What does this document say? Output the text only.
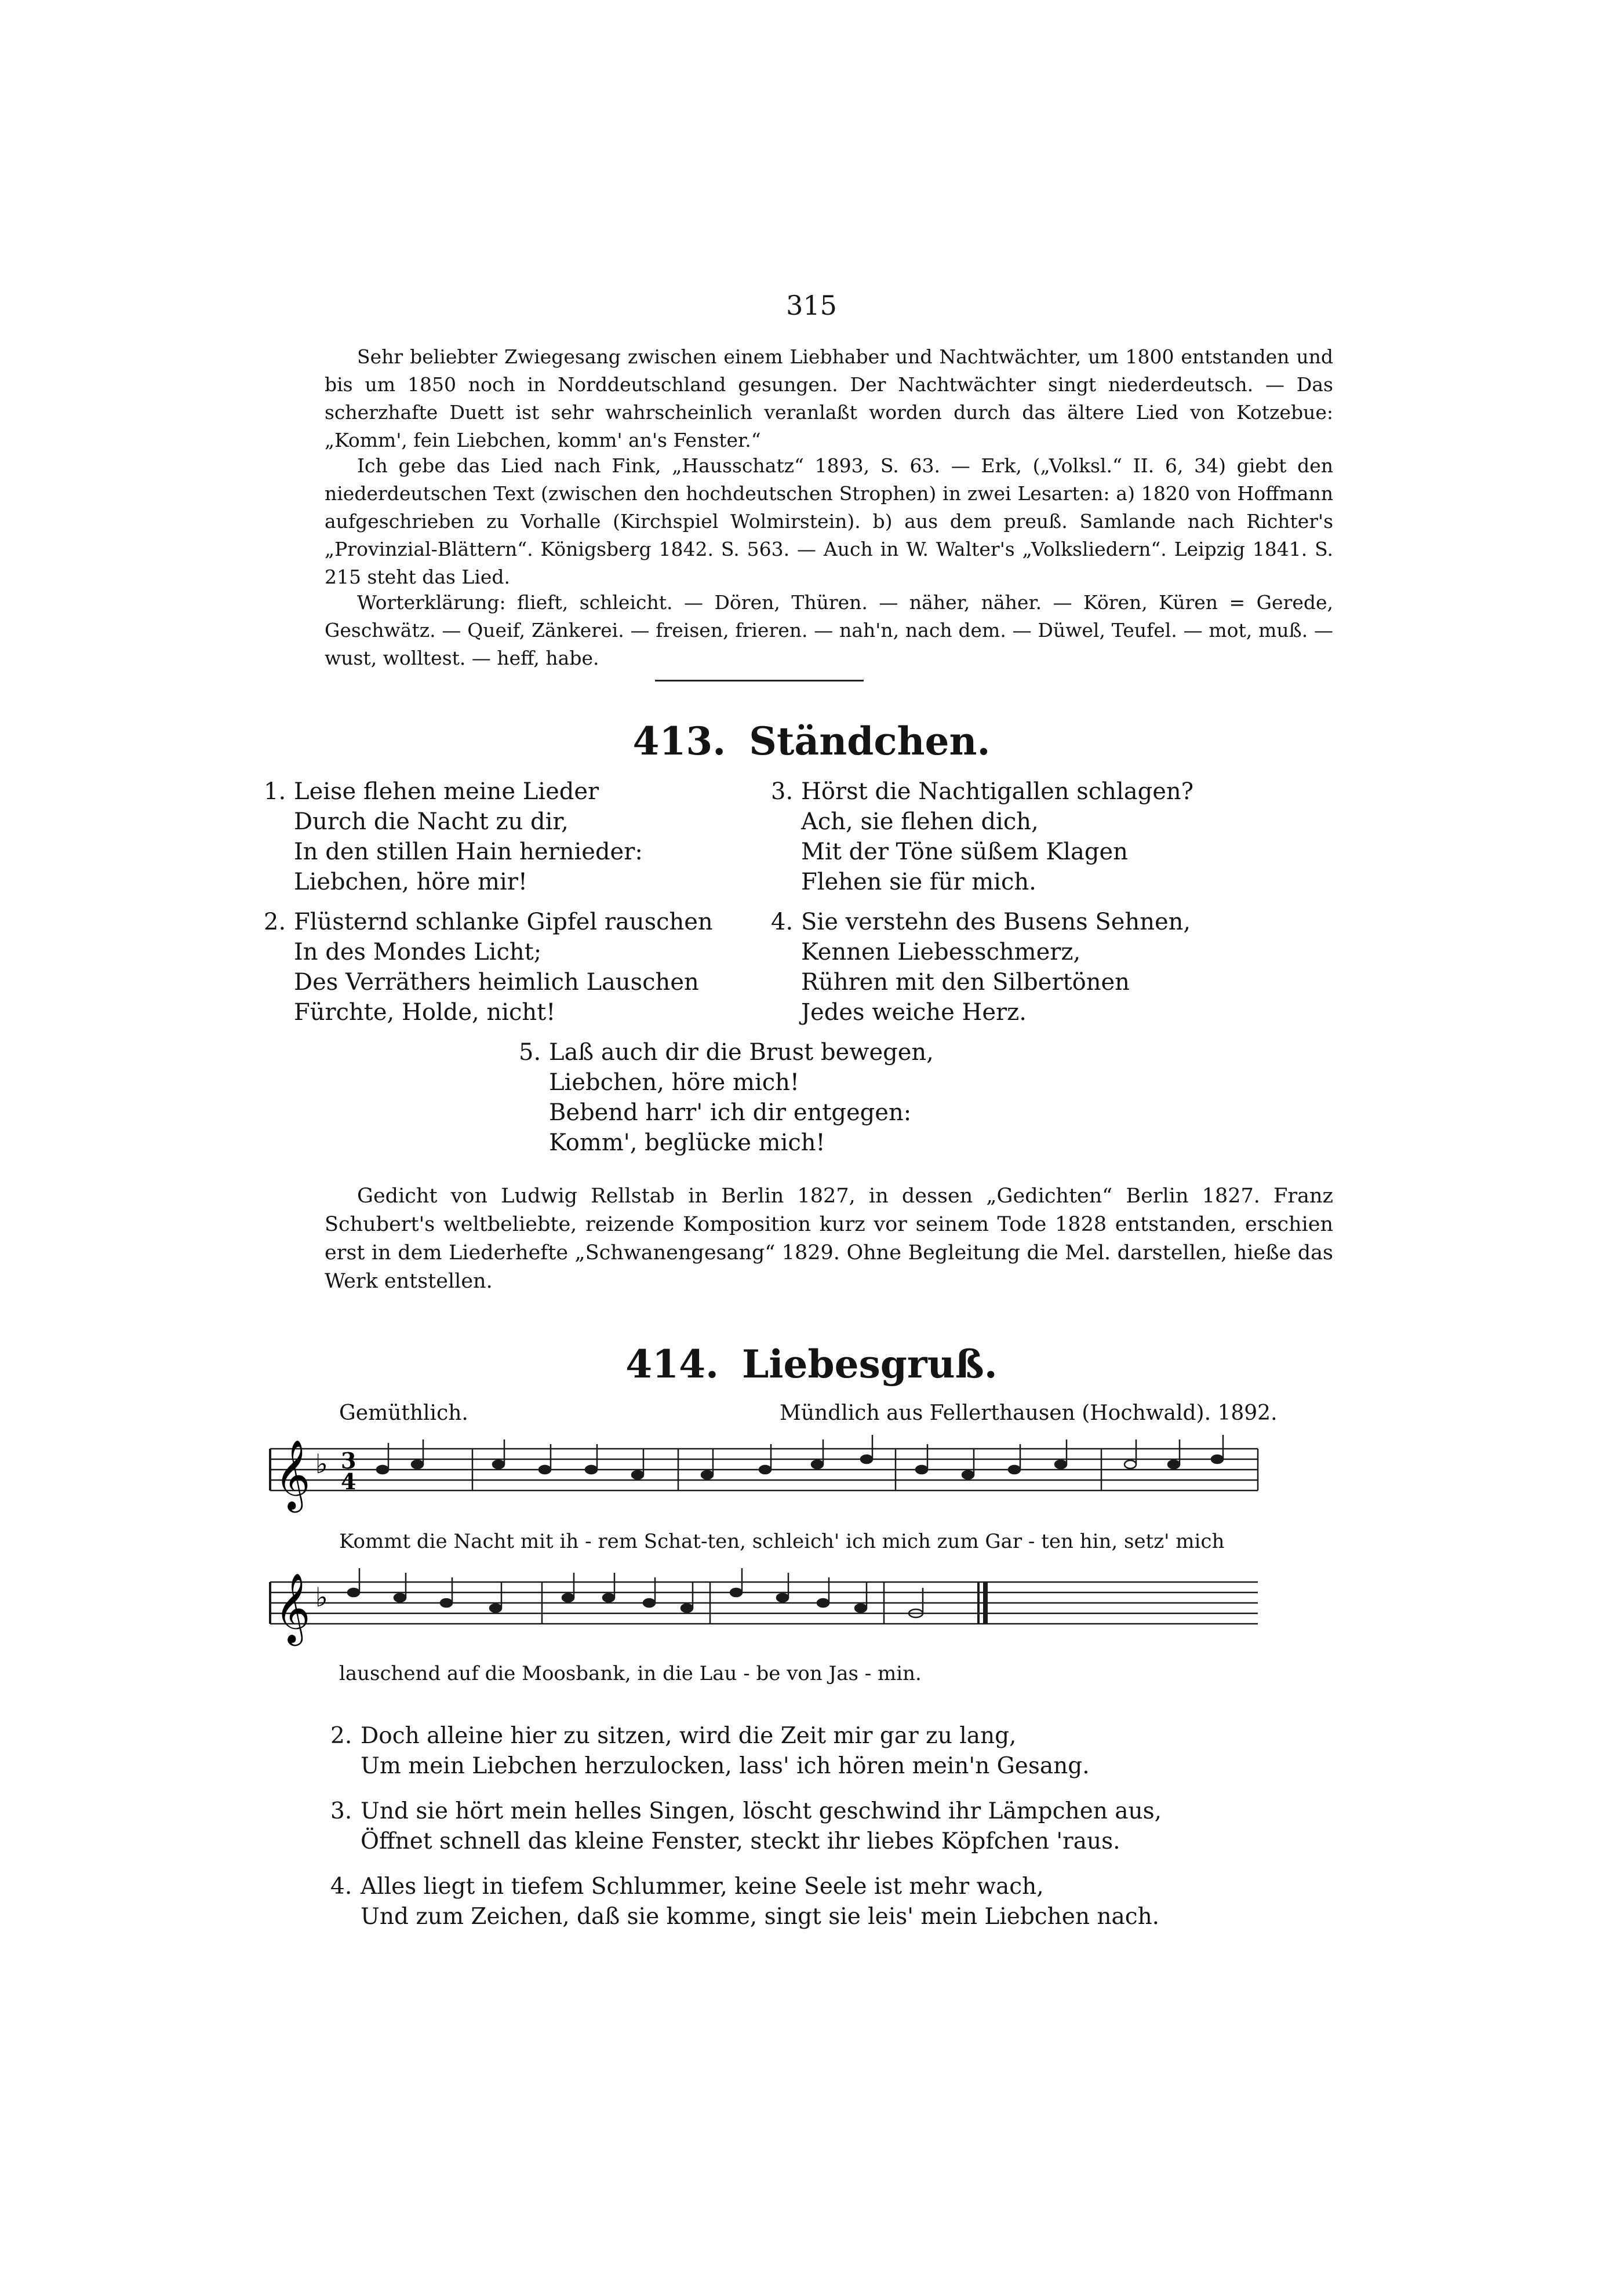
315
Sehr beliebter Zwiegesang zwischen einem Liebhaber und Nachtwächter, um 1800 entstanden und bis um 1850 noch in Norddeutschland gesungen. Der Nachtwächter singt niederdeutsch. — Das scherzhafte Duett ist sehr wahrscheinlich veranlaßt worden durch das ältere Lied von Kotzebue: „Komm', fein Liebchen, komm' an's Fenster.“
Ich gebe das Lied nach Fink, „Hausschatz“ 1893, S. 63. — Erk, („Volksl.“ II. 6, 34) giebt den niederdeutschen Text (zwischen den hochdeutschen Strophen) in zwei Lesarten: a) 1820 von Hoffmann aufgeschrieben zu Vorhalle (Kirchspiel Wolmirstein). b) aus dem preuß. Samlande nach Richter's „Provinzial-Blättern“. Königsberg 1842. S. 563. — Auch in W. Walter's „Volksliedern“. Leipzig 1841. S. 215 steht das Lied.
Worterklärung: flieft, schleicht. — Dören, Thüren. — näher, näher. — Kören, Küren = Gerede, Geschwätz. — Queif, Zänkerei. — freisen, frieren. — nah'n, nach dem. — Düwel, Teufel. — mot, muß. — wust, wolltest. — heff, habe.
413. Ständchen.
1. Leise flehen meine Lieder
Durch die Nacht zu dir,
In den stillen Hain hernieder:
Liebchen, höre mir!
2. Flüsternd schlanke Gipfel rauschen
In des Mondes Licht;
Des Verräthers heimlich Lauschen
Fürchte, Holde, nicht!
3. Hörst die Nachtigallen schlagen?
Ach, sie flehen dich,
Mit der Töne süßem Klagen
Flehen sie für mich.
4. Sie verstehn des Busens Sehnen,
Kennen Liebesschmerz,
Rühren mit den Silbertönen
Jedes weiche Herz.
5. Laß auch dir die Brust bewegen,
Liebchen, höre mich!
Bebend harr' ich dir entgegen:
Komm', beglücke mich!
Gedicht von Ludwig Rellstab in Berlin 1827, in dessen „Gedichten“ Berlin 1827. Franz Schubert's weltbeliebte, reizende Komposition kurz vor seinem Tode 1828 entstanden, erschien erst in dem Liederhefte „Schwanengesang“ 1829. Ohne Begleitung die Mel. darstellen, hieße das Werk entstellen.
414. Liebesgruß.
Gemüthlich.	Mündlich aus Fellerthausen (Hochwald). 1892.
𝄞 ♭ 3
4
Kommt die Nacht mit ih - rem Schat-ten, schleich' ich mich zum Gar - ten hin, setz' mich
𝄞 ♭
lauschend auf die Moosbank, in die Lau - be von Jas - min.
2. Doch alleine hier zu sitzen, wird die Zeit mir gar zu lang,
Um mein Liebchen herzulocken, lass' ich hören mein'n Gesang.
3. Und sie hört mein helles Singen, löscht geschwind ihr Lämpchen aus,
Öffnet schnell das kleine Fenster, steckt ihr liebes Köpfchen 'raus.
4. Alles liegt in tiefem Schlummer, keine Seele ist mehr wach,
Und zum Zeichen, daß sie komme, singt sie leis' mein Liebchen nach.
